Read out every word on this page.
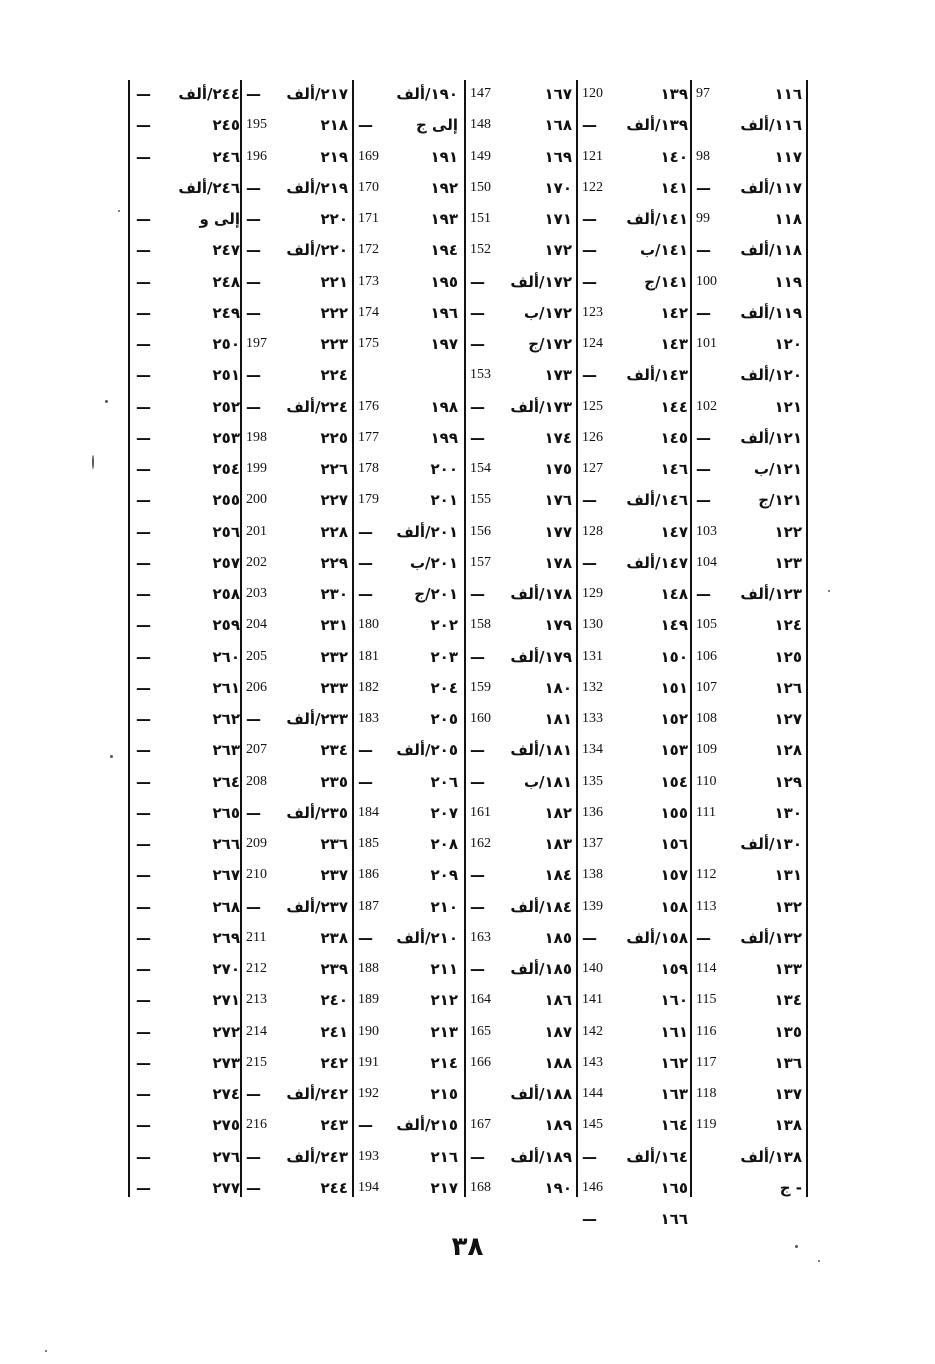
١١٦
97
١١٦/ألف
١١٧
98
١١٧/ألف
—
١١٨
99
١١٨/ألف
—
١١٩
100
١١٩/ألف
—
١٢٠
101
١٢٠/ألف
١٢١
102
١٢١/ألف
—
١٢١/ب
—
١٢١/ج
—
١٢٢
103
١٢٣
104
١٢٣/ألف
—
١٢٤
105
١٢٥
106
١٢٦
107
١٢٧
108
١٢٨
109
١٢٩
110
١٣٠
111
١٣٠/ألف
١٣١
112
١٣٢
113
١٣٢/ألف
—
١٣٣
114
١٣٤
115
١٣٥
116
١٣٦
117
١٣٧
118
١٣٨
119
١٣٨/ألف
- ج
١٣٩
120
١٣٩/ألف
—
١٤٠
121
١٤١
122
١٤١/ألف
—
١٤١/ب
—
١٤١/ج
—
١٤٢
123
١٤٣
124
١٤٣/ألف
—
١٤٤
125
١٤٥
126
١٤٦
127
١٤٦/ألف
—
١٤٧
128
١٤٧/ألف
—
١٤٨
129
١٤٩
130
١٥٠
131
١٥١
132
١٥٢
133
١٥٣
134
١٥٤
135
١٥٥
136
١٥٦
137
١٥٧
138
١٥٨
139
١٥٨/ألف
—
١٥٩
140
١٦٠
141
١٦١
142
١٦٢
143
١٦٣
144
١٦٤
145
١٦٤/ألف
—
١٦٥
146
١٦٦
—
١٦٧
147
١٦٨
148
١٦٩
149
١٧٠
150
١٧١
151
١٧٢
152
١٧٢/ألف
—
١٧٢/ب
—
١٧٢/ج
—
١٧٣
153
١٧٣/ألف
—
١٧٤
—
١٧٥
154
١٧٦
155
١٧٧
156
١٧٨
157
١٧٨/ألف
—
١٧٩
158
١٧٩/ألف
—
١٨٠
159
١٨١
160
١٨١/ألف
—
١٨١/ب
—
١٨٢
161
١٨٣
162
١٨٤
—
١٨٤/ألف
—
١٨٥
163
١٨٥/ألف
—
١٨٦
164
١٨٧
165
١٨٨
166
١٨٨/ألف
١٨٩
167
١٨٩/ألف
—
١٩٠
168
١٩٠/ألف
إلى ج
—
١٩١
169
١٩٢
170
١٩٣
171
١٩٤
172
١٩٥
173
١٩٦
174
١٩٧
175
١٩٨
176
١٩٩
177
٢٠٠
178
٢٠١
179
٢٠١/ألف
—
٢٠١/ب
—
٢٠١/ج
—
٢٠٢
180
٢٠٣
181
٢٠٤
182
٢٠٥
183
٢٠٥/ألف
—
٢٠٦
—
٢٠٧
184
٢٠٨
185
٢٠٩
186
٢١٠
187
٢١٠/ألف
—
٢١١
188
٢١٢
189
٢١٣
190
٢١٤
191
٢١٥
192
٢١٥/ألف
—
٢١٦
193
٢١٧
194
٢١٧/ألف
—
٢١٨
195
٢١٩
196
٢١٩/ألف
—
٢٢٠
—
٢٢٠/ألف
—
٢٢١
—
٢٢٢
—
٢٢٣
197
٢٢٤
—
٢٢٤/ألف
—
٢٢٥
198
٢٢٦
199
٢٢٧
200
٢٢٨
201
٢٢٩
202
٢٣٠
203
٢٣١
204
٢٣٢
205
٢٣٣
206
٢٣٣/ألف
—
٢٣٤
207
٢٣٥
208
٢٣٥/ألف
—
٢٣٦
209
٢٣٧
210
٢٣٧/ألف
—
٢٣٨
211
٢٣٩
212
٢٤٠
213
٢٤١
214
٢٤٢
215
٢٤٢/ألف
—
٢٤٣
216
٢٤٣/ألف
—
٢٤٤
—
٢٤٤/ألف
—
٢٤٥
—
٢٤٦
—
٢٤٦/ألف
إلى و
—
٢٤٧
—
٢٤٨
—
٢٤٩
—
٢٥٠
—
٢٥١
—
٢٥٢
—
٢٥٣
—
٢٥٤
—
٢٥٥
—
٢٥٦
—
٢٥٧
—
٢٥٨
—
٢٥٩
—
٢٦٠
—
٢٦١
—
٢٦٢
—
٢٦٣
—
٢٦٤
—
٢٦٥
—
٢٦٦
—
٢٦٧
—
٢٦٨
—
٢٦٩
—
٢٧٠
—
٢٧١
—
٢٧٢
—
٢٧٣
—
٢٧٤
—
٢٧٥
—
٢٧٦
—
٢٧٧
—
٣٨
